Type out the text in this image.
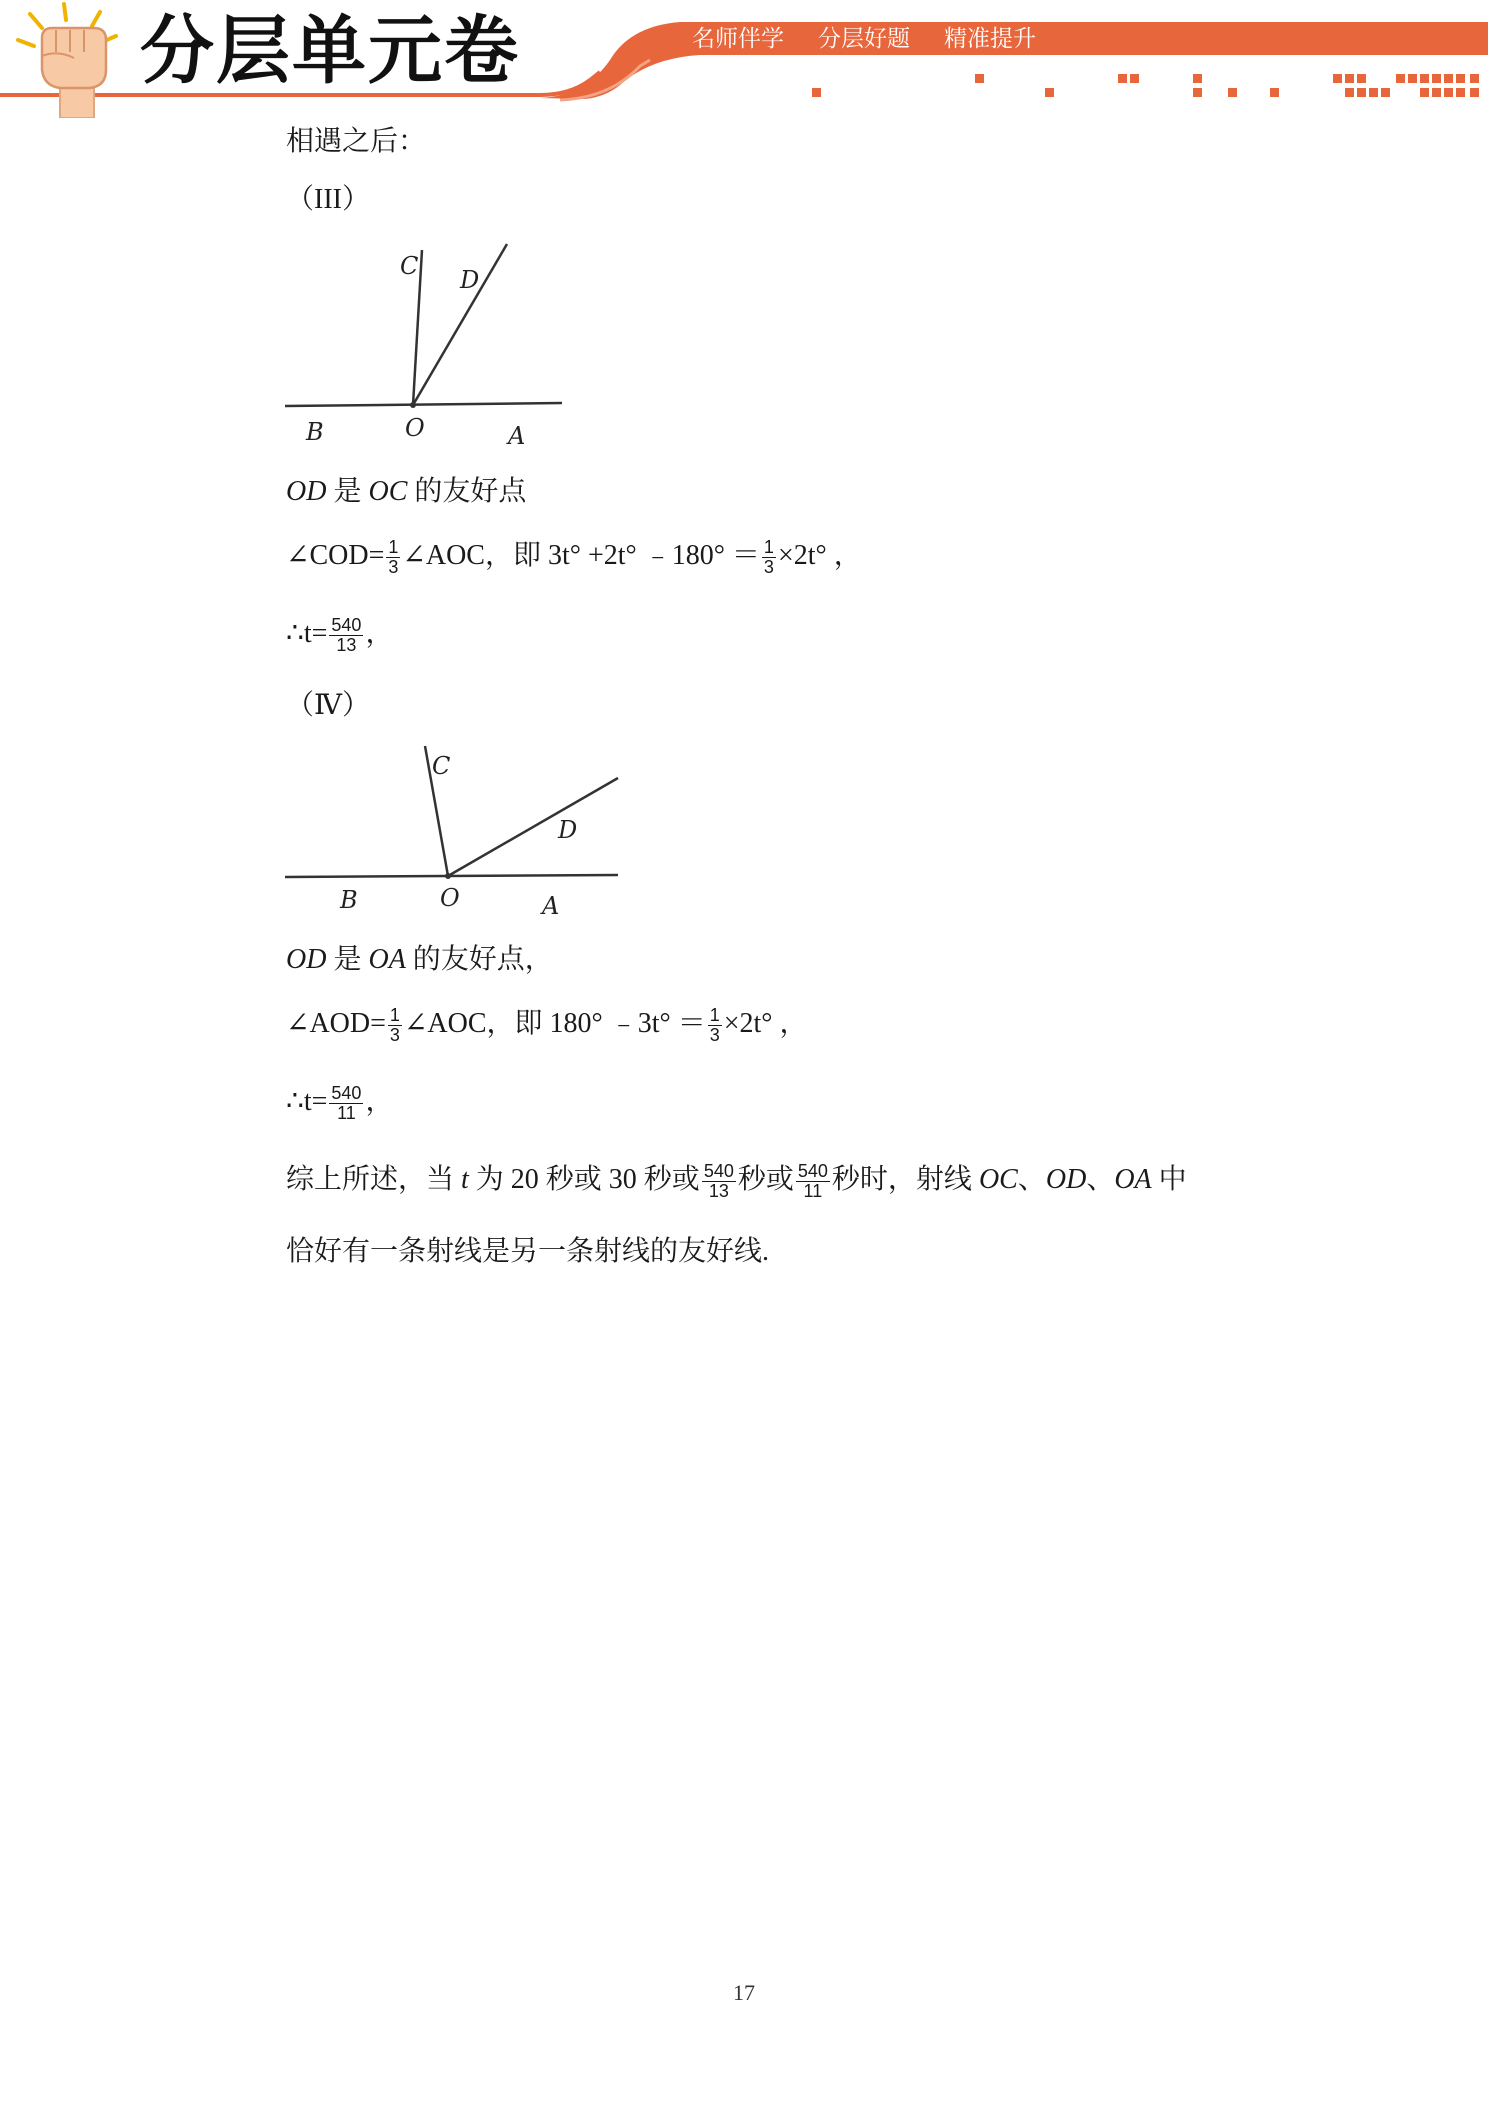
分层单元卷	名师伴学 分层好题 精准提升
相遇之后：
（III）
C D
B	O	A
OD 是 OC 的友好点
∠COD= $\frac{1}{3}$ ∠AOC，即 3t° +2t° ﹣180° ＝ $\frac{1}{3} \times 2t^\circ$ ，
∴t= $\frac{540}{13}$ ，
（Ⅳ）
C
D
B	O	A
OD 是 OA 的友好点，
∠AOD= $\frac{1}{3}$ ∠AOC，即 180° ﹣3t° ＝ $\frac{1}{3} \times 2t^\circ$ ，
∴t= $\frac{540}{11}$ ，
综上所述，当 t 为 20 秒或 30 秒或 $\frac{540}{13}$ 秒或 $\frac{540}{11}$ 秒时，射线 OC、OD、OA 中
恰好有一条射线是另一条射线的友好线.
17
